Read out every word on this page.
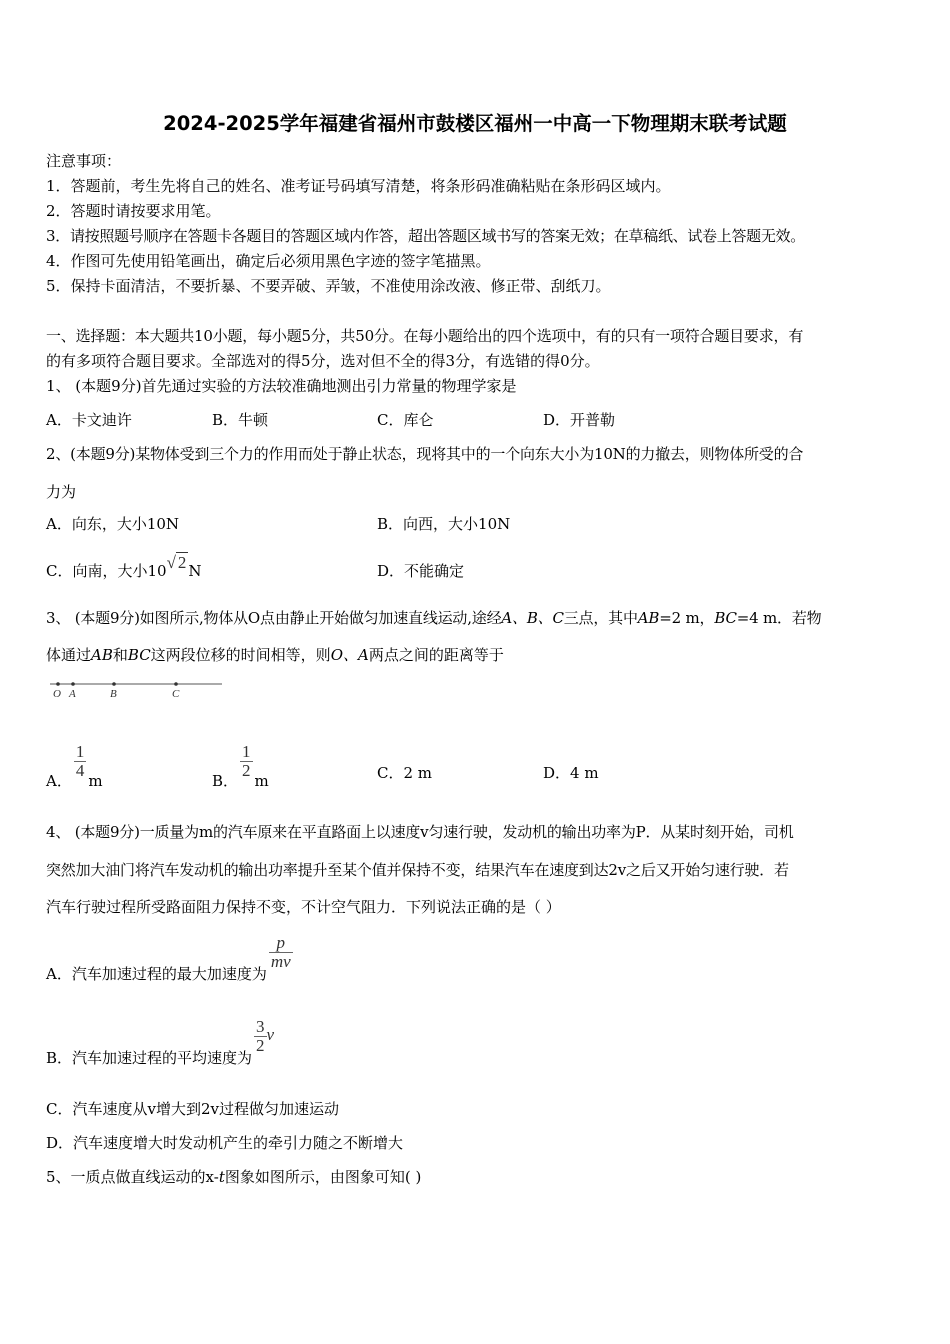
2024-2025学年福建省福州市鼓楼区福州一中高一下物理期末联考试题
注意事项：
1．答题前，考生先将自己的姓名、准考证号码填写清楚，将条形码准确粘贴在条形码区域内。
2．答题时请按要求用笔。
3．请按照题号顺序在答题卡各题目的答题区域内作答，超出答题区域书写的答案无效；在草稿纸、试卷上答题无效。
4．作图可先使用铅笔画出，确定后必须用黑色字迹的签字笔描黑。
5．保持卡面清洁，不要折暴、不要弄破、弄皱，不准使用涂改液、修正带、刮纸刀。
一、选择题：本大题共10小题，每小题5分，共50分。在每小题给出的四个选项中，有的只有一项符合题目要求，有
的有多项符合题目要求。全部选对的得5分，选对但不全的得3分，有选错的得0分。
1、 (本题9分)首先通过实验的方法较准确地测出引力常量的物理学家是
A．卡文迪许	B．牛顿	C．库仑	D．开普勒
2、(本题9分)某物体受到三个力的作用而处于静止状态，现将其中的一个向东大小为10N的力撤去，则物体所受的合
力为
A．向东，大小10N	B．向西，大小10N
C．向南，大小10√ 2 N	D．不能确定
3、 (本题9分)如图所示,物体从O点由静止开始做匀加速直线运动,途经A、B、C三点，其中AB=2 m，BC=4 m．若物
体通过AB和BC这两段位移的时间相等，则O、A两点之间的距离等于
O A	B	C
A．
$\frac{1}{4}$
m	B．
$\frac{1}{2}$
m	C．2 m	D．4 m
4、 (本题9分)一质量为m的汽车原来在平直路面上以速度v匀速行驶，发动机的输出功率为P．从某时刻开始，司机
突然加大油门将汽车发动机的输出功率提升至某个值并保持不变，结果汽车在速度到达2v之后又开始匀速行驶．若
汽车行驶过程所受路面阻力保持不变，不计空气阻力．下列说法正确的是（ ）
A．汽车加速过程的最大加速度为
$\frac{p}{mv}$
B．汽车加速过程的平均速度为
$\frac{3}{2}$ v
C．汽车速度从v增大到2v过程做匀加速运动
D．汽车速度增大时发动机产生的牵引力随之不断增大
5、一质点做直线运动的x-t图象如图所示，由图象可知( )
